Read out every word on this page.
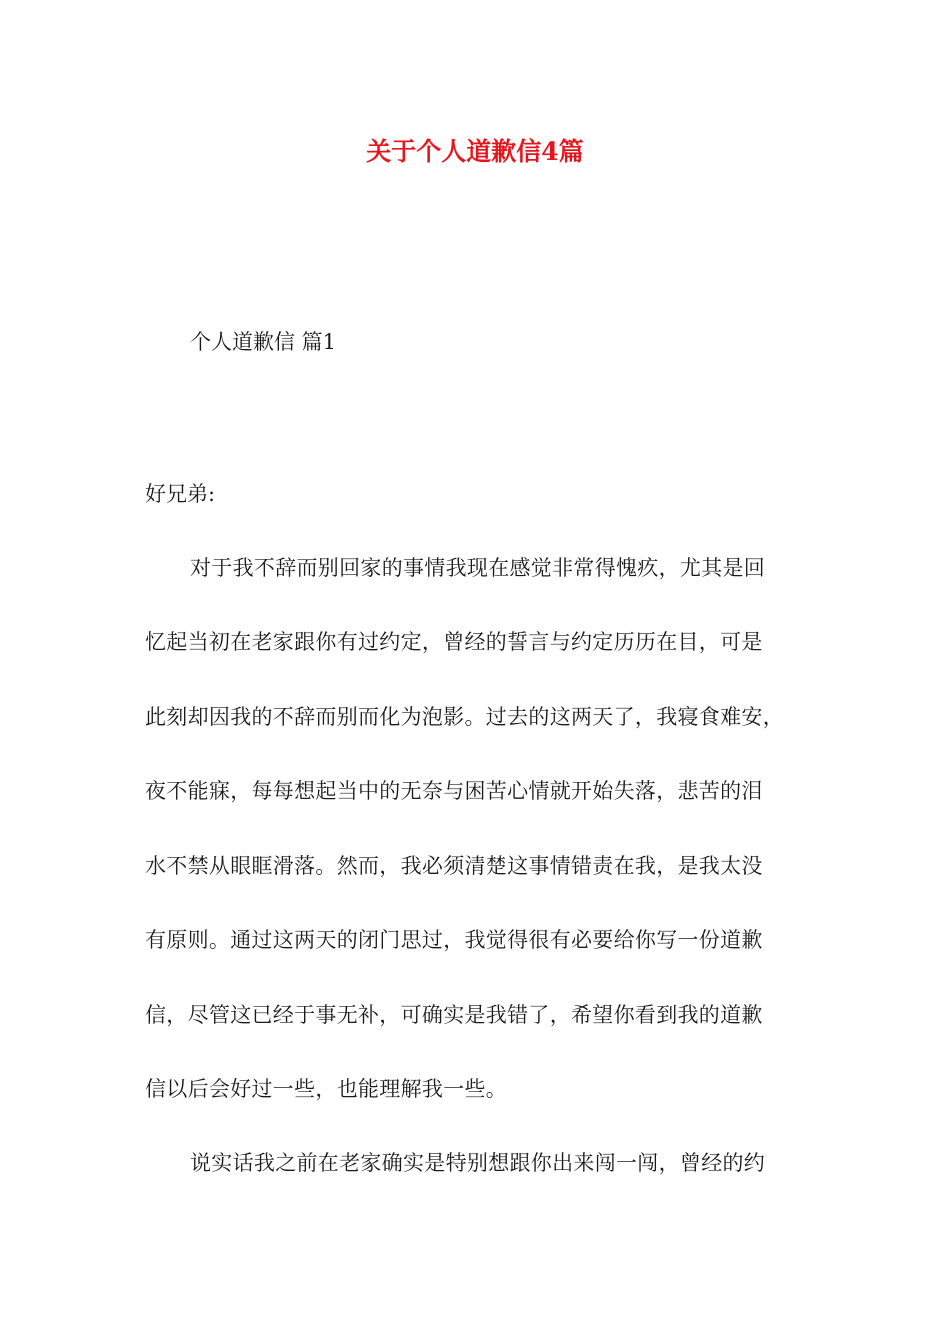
关于个人道歉信4篇
个人道歉信 篇1
好兄弟:
对于我不辞而别回家的事情我现在感觉非常得愧疚，尤其是回
忆起当初在老家跟你有过约定，曾经的誓言与约定历历在目，可是
此刻却因我的不辞而别而化为泡影。过去的这两天了，我寝食难安，
夜不能寐，每每想起当中的无奈与困苦心情就开始失落，悲苦的泪
水不禁从眼眶滑落。然而，我必须清楚这事情错责在我，是我太没
有原则。通过这两天的闭门思过，我觉得很有必要给你写一份道歉
信，尽管这已经于事无补，可确实是我错了，希望你看到我的道歉
信以后会好过一些，也能理解我一些。
说实话我之前在老家确实是特别想跟你出来闯一闯，曾经的约
